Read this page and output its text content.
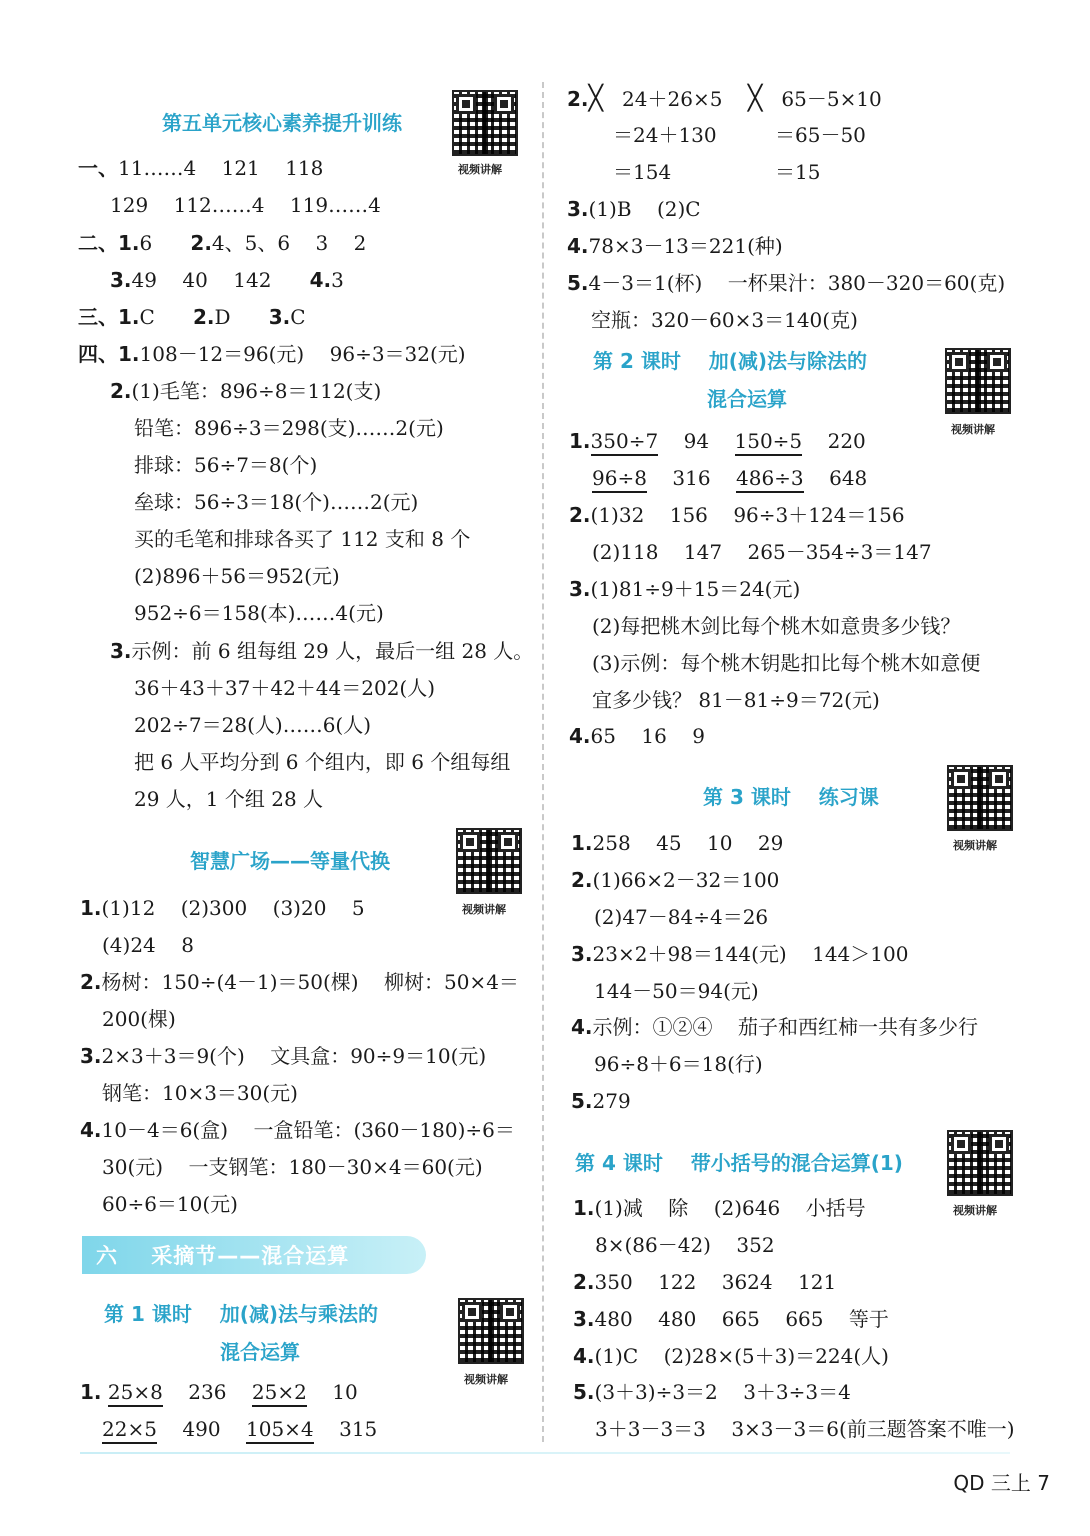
第五单元核心素养提升训练
视频讲解
一、11……4    121    118
129    112……4    119……4
二、1.6 2.4、5、6    3    2
3.49    40    142 4.3
三、1.C 2.D 3.C
四、1.108－12＝96(元)    96÷3＝32(元)
2.(1)毛笔：896÷8＝112(支)
铅笔：896÷3＝298(支)……2(元)
排球：56÷7＝8(个)
垒球：56÷3＝18(个)……2(元)
买的毛笔和排球各买了 112 支和 8 个
(2)896＋56＝952(元)
952÷6＝158(本)……4(元)
3.示例：前 6 组每组 29 人，最后一组 28 人。
36＋43＋37＋42＋44＝202(人)
202÷7＝28(人)……6(人)
把 6 人平均分到 6 个组内，即 6 个组每组
29 人，1 个组 28 人
智慧广场——等量代换
视频讲解
1.(1)12    (2)300    (3)20    5
(4)24    8
2.杨树：150÷(4－1)＝50(棵)    柳树：50×4＝
200(棵)
3.2×3＋3＝9(个)    文具盒：90÷9＝10(元)
钢笔：10×3＝30(元)
4.10－4＝6(盒)    一盒铅笔：(360－180)÷6＝
30(元)    一支钢笔：180－30×4＝60(元)
60÷6＝10(元)
六    采摘节——混合运算
第 1 课时    加(减)法与乘法的
混合运算
视频讲解
1. 25×8 236 25×2 10
22×5 490 105×4 315
2.╳ 24＋26×5 ╳ 65－5×10
＝24＋130	＝65－50
＝154	＝15
3.(1)B    (2)C
4.78×3－13＝221(种)
5.4－3＝1(杯)    一杯果汁：380－320＝60(克)
空瓶：320－60×3＝140(克)
第 2 课时    加(减)法与除法的
混合运算
视频讲解
1.350÷7 94 150÷5 220
96÷8 316 486÷3 648
2.(1)32    156    96÷3＋124＝156
(2)118    147    265－354÷3＝147
3.(1)81÷9＋15＝24(元)
(2)每把桃木剑比每个桃木如意贵多少钱？
(3)示例：每个桃木钥匙扣比每个桃木如意便
宜多少钱？ 81－81÷9＝72(元)
4.65    16    9
第 3 课时    练习课
视频讲解
1.258    45    10    29
2.(1)66×2－32＝100
(2)47－84÷4＝26
3.23×2＋98＝144(元)    144＞100
144－50＝94(元)
4.示例：①②④    茄子和西红柿一共有多少行
96÷8＋6＝18(行)
5.279
第 4 课时    带小括号的混合运算(1)
视频讲解
1.(1)减    除    (2)646    小括号
8×(86－42)    352
2.350    122    3624    121
3.480    480    665    665    等于
4.(1)C    (2)28×(5＋3)＝224(人)
5.(3＋3)÷3＝2    3＋3÷3＝4
3＋3－3＝3    3×3－3＝6(前三题答案不唯一)
QD 三上 7
